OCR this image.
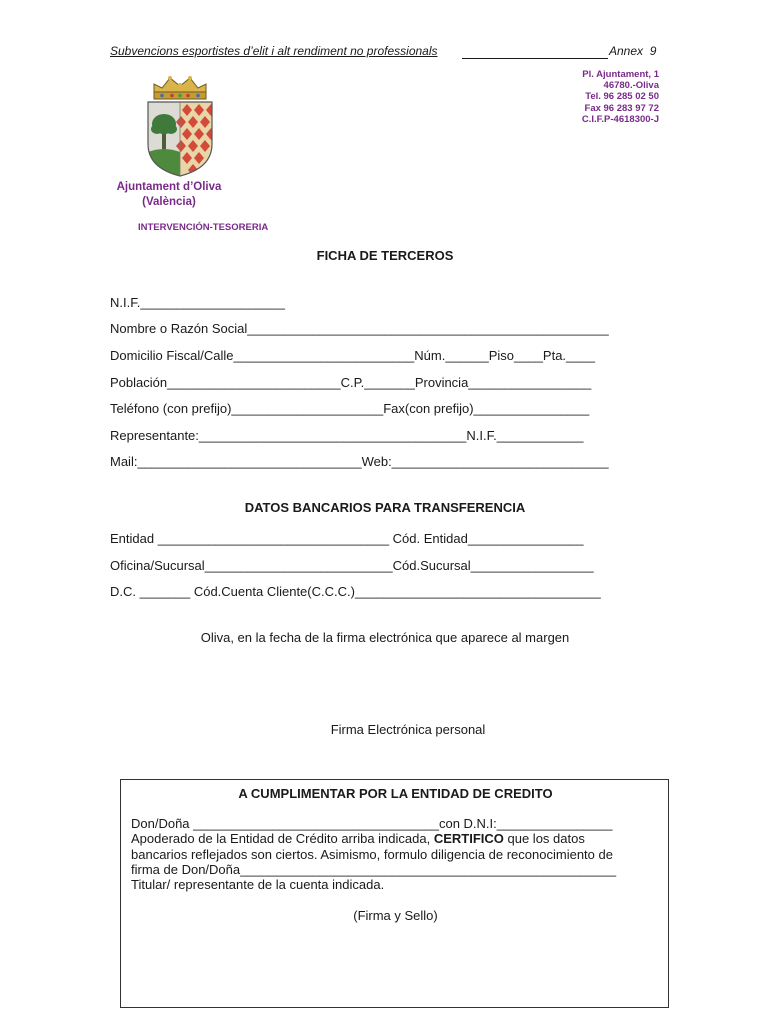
Subvencions esportistes d’elit i alt rendiment no professionals	Annex  9
Pl. Ajuntament, 1
46780.-Oliva
Tel. 96 285 02 50
Fax 96 283 97 72
C.I.F.P-4618300-J
Ajuntament d’Oliva
(València)
INTERVENCIÓN-TESORERIA
FICHA DE TERCEROS
N.I.F.____________________
Nombre o Razón Social__________________________________________________
Domicilio Fiscal/Calle_________________________Núm.______Piso____Pta.____
Población________________________C.P._______Provincia_________________
Teléfono (con prefijo)_____________________Fax(con prefijo)________________
Representante:_____________________________________N.I.F.____________
Mail:_______________________________Web:______________________________
DATOS BANCARIOS PARA TRANSFERENCIA
Entidad ________________________________ Cód. Entidad________________
Oficina/Sucursal__________________________Cód.Sucursal_________________
D.C. _______ Cód.Cuenta Cliente(C.C.C.)__________________________________
Oliva, en la fecha de la firma electrónica que aparece al margen
Firma Electrónica personal
A CUMPLIMENTAR POR LA ENTIDAD DE CREDITO
Don/Doña __________________________________con D.N.I:________________
Apoderado de la Entidad de Crédito arriba indicada, CERTIFICO que los datos
bancarios reflejados son ciertos. Asimismo, formulo diligencia de reconocimiento de
firma de Don/Doña____________________________________________________
Titular/ representante de la cuenta indicada.
(Firma y Sello)
